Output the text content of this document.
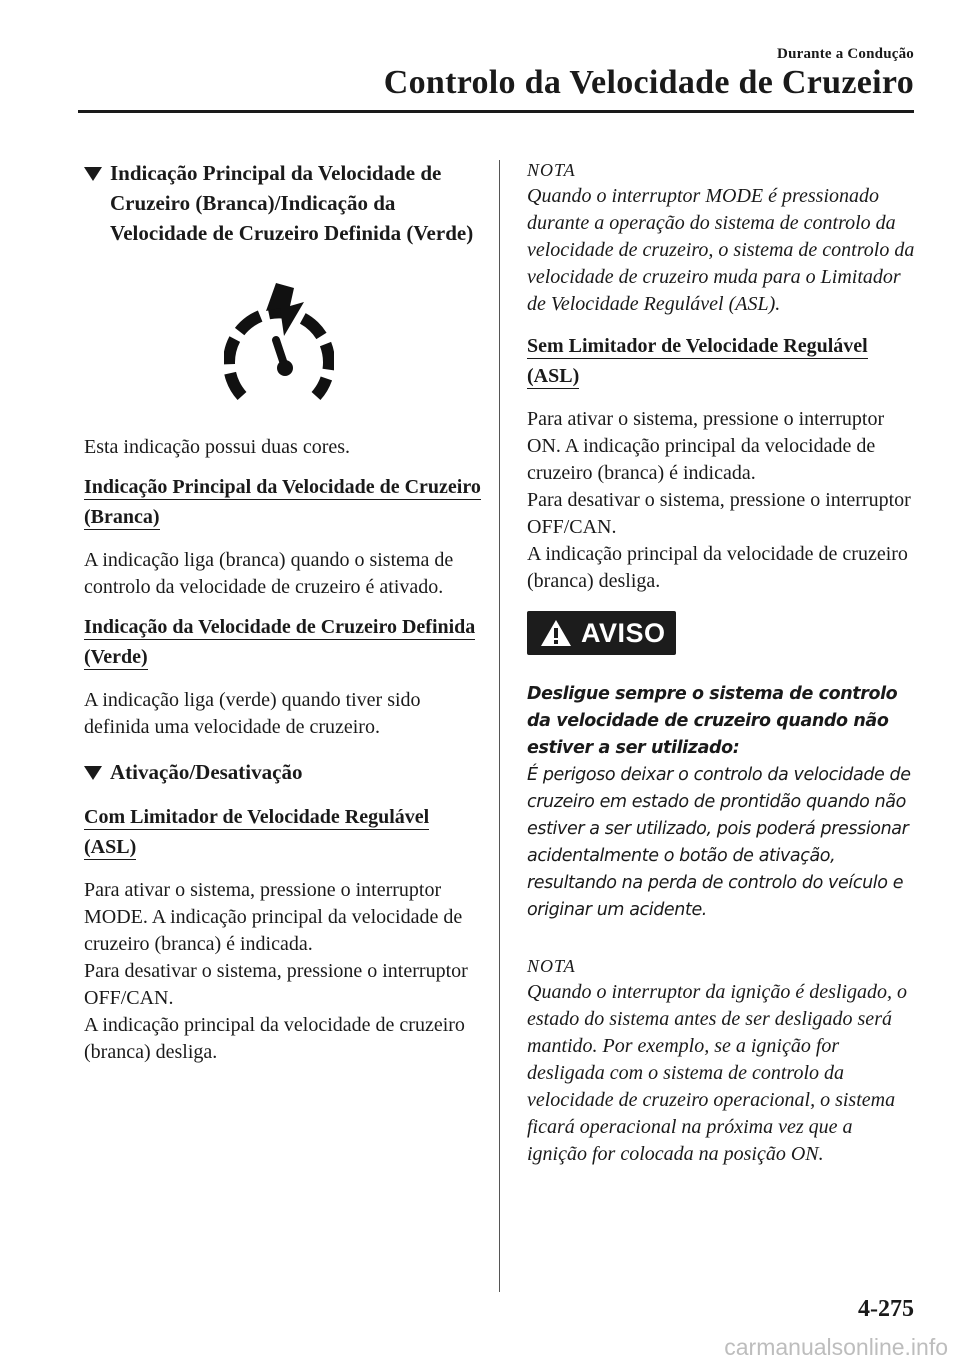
Durante a Condução
Controlo da Velocidade de Cruzeiro
Indicação Principal da Velocidade de Cruzeiro (Branca)/Indicação da Velocidade de Cruzeiro Definida (Verde)

Esta indicação possui duas cores.

Indicação Principal da Velocidade de Cruzeiro (Branca)

A indicação liga (branca) quando o sistema de controlo da velocidade de cruzeiro é ativado.

Indicação da Velocidade de Cruzeiro Definida (Verde)

A indicação liga (verde) quando tiver sido definida uma velocidade de cruzeiro.

Ativação/Desativação

Com Limitador de Velocidade Regulável (ASL)

Para ativar o sistema, pressione o interruptor MODE. A indicação principal da velocidade de cruzeiro (branca) é indicada.
Para desativar o sistema, pressione o interruptor OFF/CAN.
A indicação principal da velocidade de cruzeiro (branca) desliga.

NOTA

Quando o interruptor MODE é pressionado durante a operação do sistema de controlo da velocidade de cruzeiro, o sistema de controlo da velocidade de cruzeiro muda para o Limitador de Velocidade Regulável (ASL).

Sem Limitador de Velocidade Regulável (ASL)

Para ativar o sistema, pressione o interruptor ON. A indicação principal da velocidade de cruzeiro (branca) é indicada.
Para desativar o sistema, pressione o interruptor OFF/CAN.
A indicação principal da velocidade de cruzeiro (branca) desliga.

AVISO

Desligue sempre o sistema de controlo da velocidade de cruzeiro quando não estiver a ser utilizado:

É perigoso deixar o controlo da velocidade de cruzeiro em estado de prontidão quando não estiver a ser utilizado, pois poderá pressionar acidentalmente o botão de ativação, resultando na perda de controlo do veículo e originar um acidente.

NOTA

Quando o interruptor da ignição é desligado, o estado do sistema antes de ser desligado será mantido. Por exemplo, se a ignição for desligada com o sistema de controlo da velocidade de cruzeiro operacional, o sistema ficará operacional na próxima vez que a ignição for colocada na posição ON.

4-275
carmanualsonline.info
